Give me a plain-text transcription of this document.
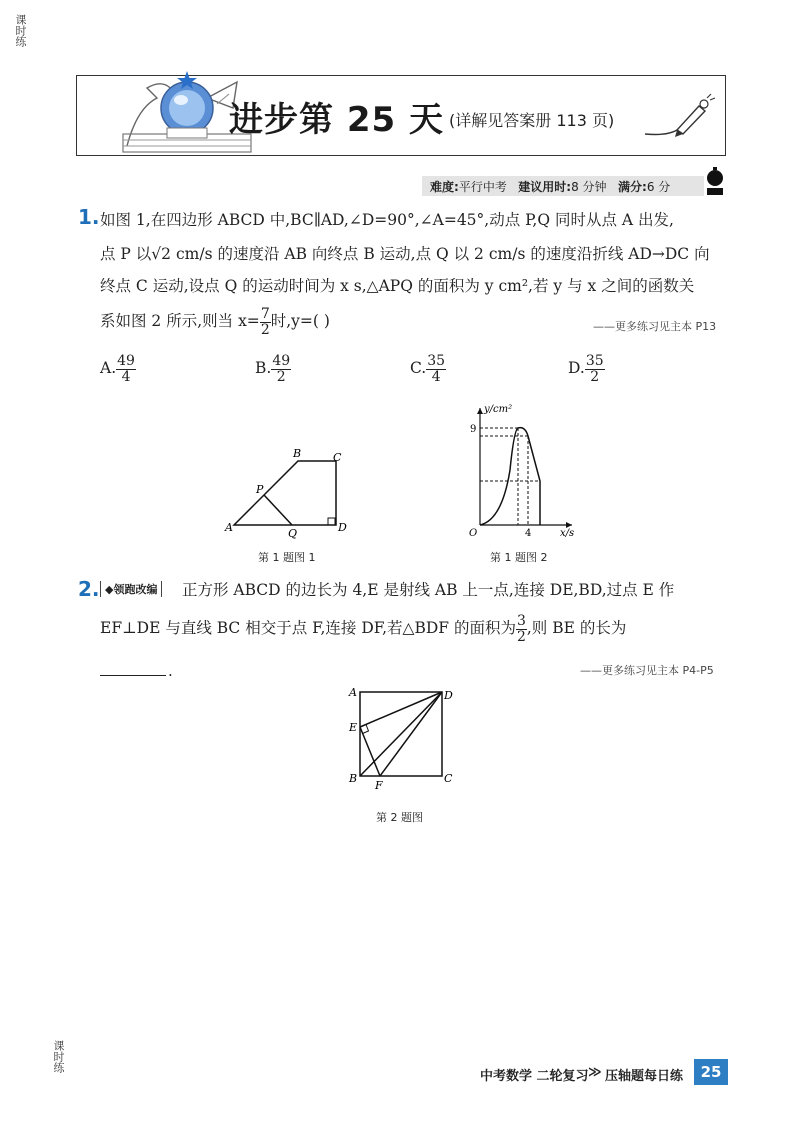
课时练
进步第 25 天 (详解见答案册 113 页)
难度:平行中考 建议用时:8 分钟 满分:6 分
1. 如图 1,在四边形 ABCD 中,BC∥AD,∠D=90°,∠A=45°,动点 P,Q 同时从点 A 出发,
点 P 以√2 cm/s 的速度沿 AB 向终点 B 运动,点 Q 以 2 cm/s 的速度沿折线 AD→DC 向
终点 C 运动,设点 Q 的运动时间为 x s,△APQ 的面积为 y cm²,若 y 与 x 之间的函数关
系如图 2 所示,则当 $x= \frac{7}{2}$ 时,y=( )	——更多练习见主本 P13
A. $\frac{49}{4}$	B. $\frac{49}{2}$	C. $\frac{35}{4}$	D. $\frac{35}{2}$
A
B	C
D
P
Q
第 1 题图 1
y/cm²
x/s
9
4
O
第 1 题图 2
2. ◆领跑改编	正方形 ABCD 的边长为 4,E 是射线 AB 上一点,连接 DE,BD,过点 E 作
EF⊥DE 与直线 BC 相交于点 F,连接 DF,若△BDF 的面积为 $\frac{3}{2}$ ,则 BE 的长为
.	——更多练习见主本 P4-P5
A	D
E
B	C
F
第 2 题图
课时练
中考数学 二轮复习 ≫ 压轴题每日练	25
